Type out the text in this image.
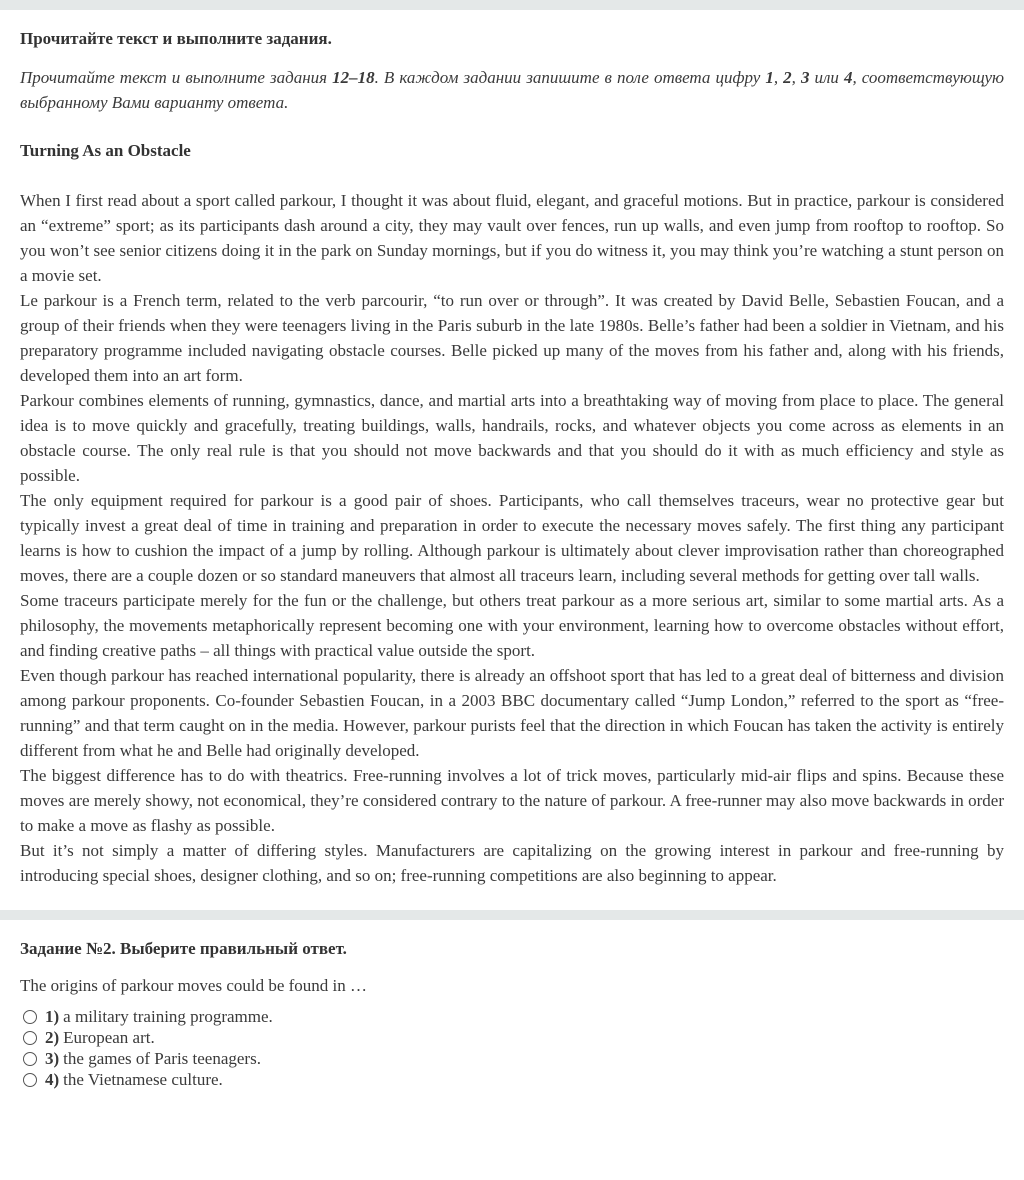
Прочитайте текст и выполните задания.

Прочитайте текст и выполните задания 12–18. В каждом задании запишите в поле ответа цифру 1, 2, 3 или 4, соответствующую выбранному Вами варианту ответа.

Turning As an Obstacle

When I first read about a sport called parkour, I thought it was about fluid, elegant, and graceful motions. But in practice, parkour is considered an “extreme” sport; as its participants dash around a city, they may vault over fences, run up walls, and even jump from rooftop to rooftop. So you won’t see senior citizens doing it in the park on Sunday mornings, but if you do witness it, you may think you’re watching a stunt person on a movie set.

Le parkour is a French term, related to the verb parcourir, “to run over or through”. It was created by David Belle, Sebastien Foucan, and a group of their friends when they were teenagers living in the Paris suburb in the late 1980s. Belle’s father had been a soldier in Vietnam, and his preparatory programme included navigating obstacle courses. Belle picked up many of the moves from his father and, along with his friends, developed them into an art form.

Parkour combines elements of running, gymnastics, dance, and martial arts into a breathtaking way of moving from place to place. The general idea is to move quickly and gracefully, treating buildings, walls, handrails, rocks, and whatever objects you come across as elements in an obstacle course. The only real rule is that you should not move backwards and that you should do it with as much efficiency and style as possible.

The only equipment required for parkour is a good pair of shoes. Participants, who call themselves traceurs, wear no protective gear but typically invest a great deal of time in training and preparation in order to execute the necessary moves safely. The first thing any participant learns is how to cushion the impact of a jump by rolling. Although parkour is ultimately about clever improvisation rather than choreographed moves, there are a couple dozen or so standard maneuvers that almost all traceurs learn, including several methods for getting over tall walls.

Some traceurs participate merely for the fun or the challenge, but others treat parkour as a more serious art, similar to some martial arts. As a philosophy, the movements metaphorically represent becoming one with your environment, learning how to overcome obstacles without effort, and finding creative paths – all things with practical value outside the sport.

Even though parkour has reached international popularity, there is already an offshoot sport that has led to a great deal of bitterness and division among parkour proponents. Co-founder Sebastien Foucan, in a 2003 BBC documentary called “Jump London,” referred to the sport as “free-running” and that term caught on in the media. However, parkour purists feel that the direction in which Foucan has taken the activity is entirely different from what he and Belle had originally developed.

The biggest difference has to do with theatrics. Free-running involves a lot of trick moves, particularly mid-air flips and spins. Because these moves are merely showy, not economical, they’re considered contrary to the nature of parkour. A free-runner may also move backwards in order to make a move as flashy as possible.

But it’s not simply a matter of differing styles. Manufacturers are capitalizing on the growing interest in parkour and free-running by introducing special shoes, designer clothing, and so on; free-running competitions are also beginning to appear.

Задание №2. Выберите правильный ответ.

The origins of parkour moves could be found in …

1) a military training programme.
2) European art.
3) the games of Paris teenagers.
4) the Vietnamese culture.
